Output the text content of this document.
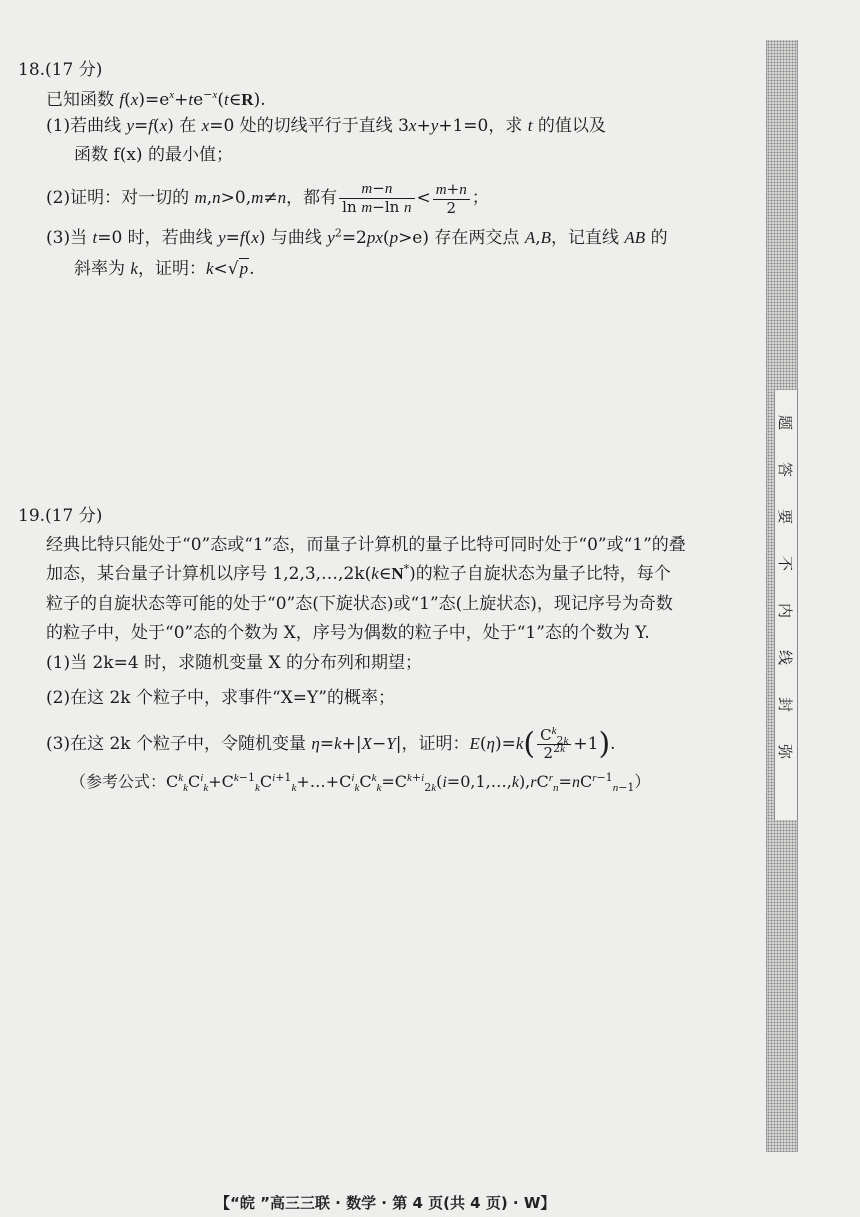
题
答
要
不
内
线
封
弥
18.(17 分)
已知函数 $f(x)=e^x+te^{-x}(t\in R)$.
(1)若曲线 y=f(x) 在 x=0 处的切线平行于直线 3x+y+1=0，求 t 的值以及
函数 f(x) 的最小值；
(2)证明：对一切的 m,n>0,m≠n，都有 $\frac{m-n}{\text{ln m−ln n}} < \frac{m+n}{2}$ ；
(3)当 t=0 时，若曲线 y=f(x) 与曲线 $y^2=2px(p>e)$ 存在两交点 A,B，记直线 AB 的
斜率为 k，证明：k<√p.
19.(17 分)
经典比特只能处于“0”态或“1”态，而量子计算机的量子比特可同时处于“0”或“1”的叠
加态，某台量子计算机以序号 1,2,3,…,2k(k∈N*)的粒子自旋状态为量子比特，每个
粒子的自旋状态等可能的处于“0”态(下旋状态)或“1”态(上旋状态)，现记序号为奇数
的粒子中，处于“0”态的个数为 X，序号为偶数的粒子中，处于“1”态的个数为 Y.
(1)当 2k=4 时，求随机变量 X 的分布列和期望；
(2)在这 2k 个粒子中，求事件“X=Y”的概率；
(3)在这 2k 个粒子中，令随机变量 η=k+|X−Y|，证明：$E(\eta)=k( \frac{C^k_{2k}}{2^{2k}} +1)$.
（参考公式：$C^k_kC^i_k+C^{k-1}_kC^{i+1}_k+\dots+C^i_kC^k_k=C^{k+i}_{2k}(i=0,1,\dots,k),rC^r_n=nC^{r-1}_{n-1}$）
【“皖 ”高三三联 · 数学 · 第 4 页(共 4 页) · W】
